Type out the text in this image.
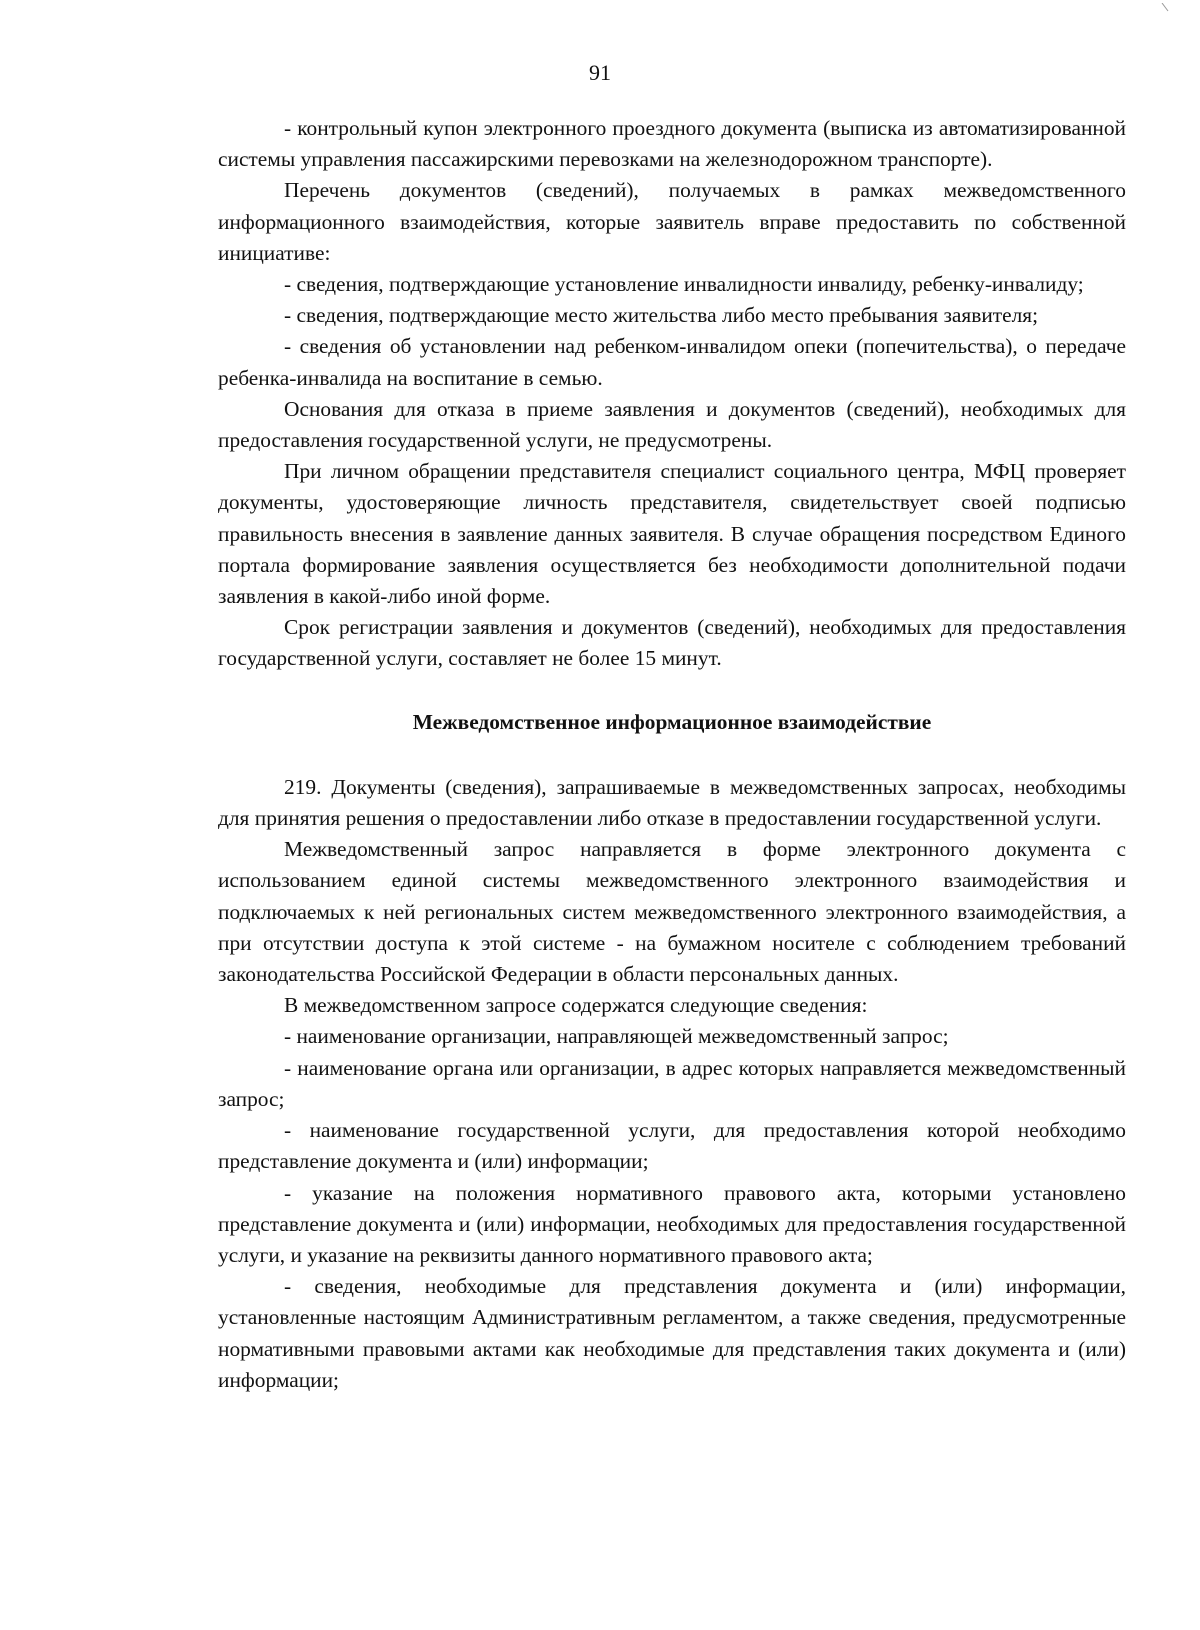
91

- контрольный купон электронного проездного документа (выписка из автоматизированной системы управления пассажирскими перевозками на железнодорожном транспорте).

Перечень документов (сведений), получаемых в рамках межведомственного информационного взаимодействия, которые заявитель вправе предоставить по собственной инициативе:

- сведения, подтверждающие установление инвалидности инвалиду, ребенку-инвалиду;

- сведения, подтверждающие место жительства либо место пребывания заявителя;

- сведения об установлении над ребенком-инвалидом опеки (попечительства), о передаче ребенка-инвалида на воспитание в семью.

Основания для отказа в приеме заявления и документов (сведений), необходимых для предоставления государственной услуги, не предусмотрены.

При личном обращении представителя специалист социального центра, МФЦ проверяет документы, удостоверяющие личность представителя, свидетельствует своей подписью правильность внесения в заявление данных заявителя. В случае обращения посредством Единого портала формирование заявления осуществляется без необходимости дополнительной подачи заявления в какой-либо иной форме.

Срок регистрации заявления и документов (сведений), необходимых для предоставления государственной услуги, составляет не более 15 минут.

Межведомственное информационное взаимодействие

219. Документы (сведения), запрашиваемые в межведомственных запросах, необходимы для принятия решения о предоставлении либо отказе в предоставлении государственной услуги.

Межведомственный запрос направляется в форме электронного документа с использованием единой системы межведомственного электронного взаимодействия и подключаемых к ней региональных систем межведомственного электронного взаимодействия, а при отсутствии доступа к этой системе - на бумажном носителе с соблюдением требований законодательства Российской Федерации в области персональных данных.

В межведомственном запросе содержатся следующие сведения:

- наименование организации, направляющей межведомственный запрос;

- наименование органа или организации, в адрес которых направляется межведомственный запрос;

- наименование государственной услуги, для предоставления которой необходимо представление документа и (или) информации;

- указание на положения нормативного правового акта, которыми установлено представление документа и (или) информации, необходимых для предоставления государственной услуги, и указание на реквизиты данного нормативного правового акта;

- сведения, необходимые для представления документа и (или) информации, установленные настоящим Административным регламентом, а также сведения, предусмотренные нормативными правовыми актами как необходимые для представления таких документа и (или) информации;
